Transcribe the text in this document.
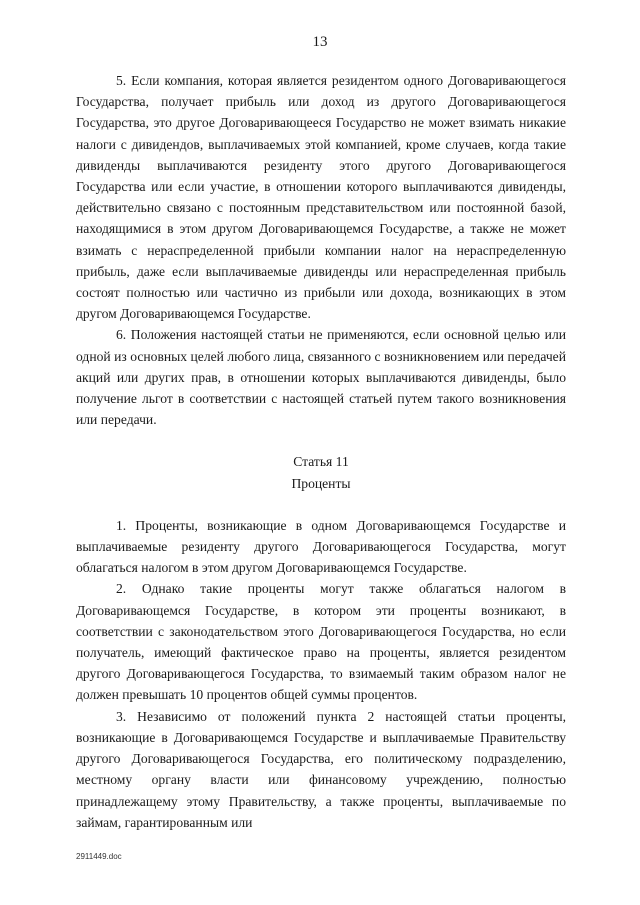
13

5. Если компания, которая является резидентом одного Договаривающегося Государства, получает прибыль или доход из другого Договаривающегося Государства, это другое Договаривающееся Государство не может взимать никакие налоги с дивидендов, выплачиваемых этой компанией, кроме случаев, когда такие дивиденды выплачиваются резиденту этого другого Договаривающегося Государства или если участие, в отношении которого выплачиваются дивиденды, действительно связано с постоянным представительством или постоянной базой, находящимися в этом другом Договаривающемся Государстве, а также не может взимать с нераспределенной прибыли компании налог на нераспределенную прибыль, даже если выплачиваемые дивиденды или нераспределенная прибыль состоят полностью или частично из прибыли или дохода, возникающих в этом другом Договаривающемся Государстве.

6. Положения настоящей статьи не применяются, если основной целью или одной из основных целей любого лица, связанного с возникновением или передачей акций или других прав, в отношении которых выплачиваются дивиденды, было получение льгот в соответствии с настоящей статьей путем такого возникновения или передачи.

Статья 11

Проценты

1. Проценты, возникающие в одном Договаривающемся Государстве и выплачиваемые резиденту другого Договаривающегося Государства, могут облагаться налогом в этом другом Договаривающемся Государстве.

2. Однако такие проценты могут также облагаться налогом в Договаривающемся Государстве, в котором эти проценты возникают, в соответствии с законодательством этого Договаривающегося Государства, но если получатель, имеющий фактическое право на проценты, является резидентом другого Договаривающегося Государства, то взимаемый таким образом налог не должен превышать 10 процентов общей суммы процентов.

3. Независимо от положений пункта 2 настоящей статьи проценты, возникающие в Договаривающемся Государстве и выплачиваемые Правительству другого Договаривающегося Государства, его политическому подразделению, местному органу власти или финансовому учреждению, полностью принадлежащему этому Правительству, а также проценты, выплачиваемые по займам, гарантированным или

2911449.doc
